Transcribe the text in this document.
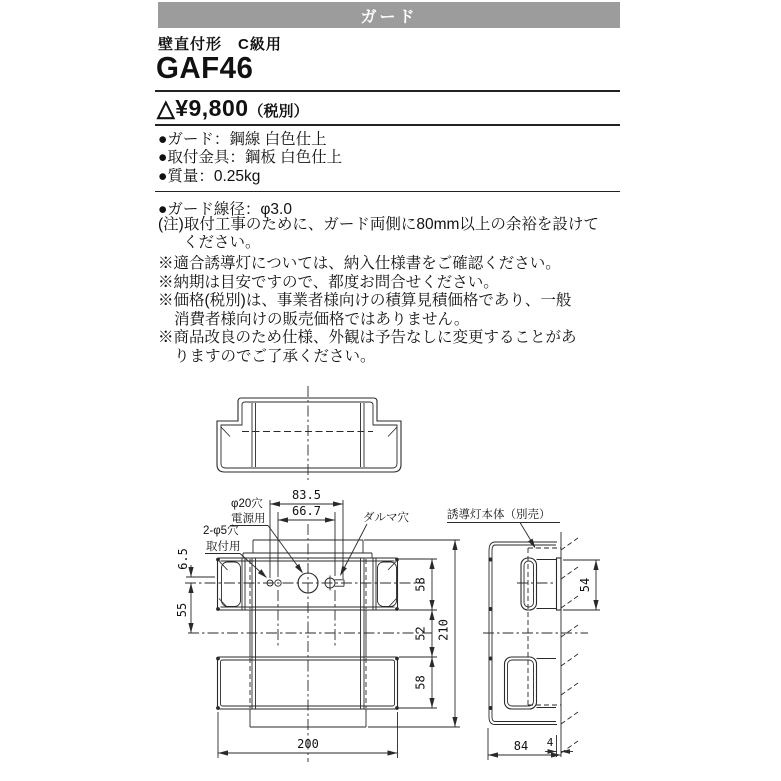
ガード
壁直付形　C級用
GAF46
△¥9,800（税別）
●ガード：鋼線 白色仕上
●取付金具：鋼板 白色仕上
●質量：0.25kg
●ガード線径：φ3.0
(注)取付工事のために、ガード両側に80mm以上の余裕を設けてください。
※適合誘導灯については、納入仕様書をご確認ください。
※納期は目安ですので、都度お問合せください。
※価格(税別)は、事業者様向けの積算見積価格であり、一般消費者様向けの販売価格ではありません。
※商品改良のため仕様、外観は予告なしに変更することがありますのでご了承ください。
83.5
66.7
φ20穴
電源用
2-φ5穴
取付用
ダルマ穴
6.5
55
58
52
58
210
200
誘導灯本体（別売）
54
84 4
